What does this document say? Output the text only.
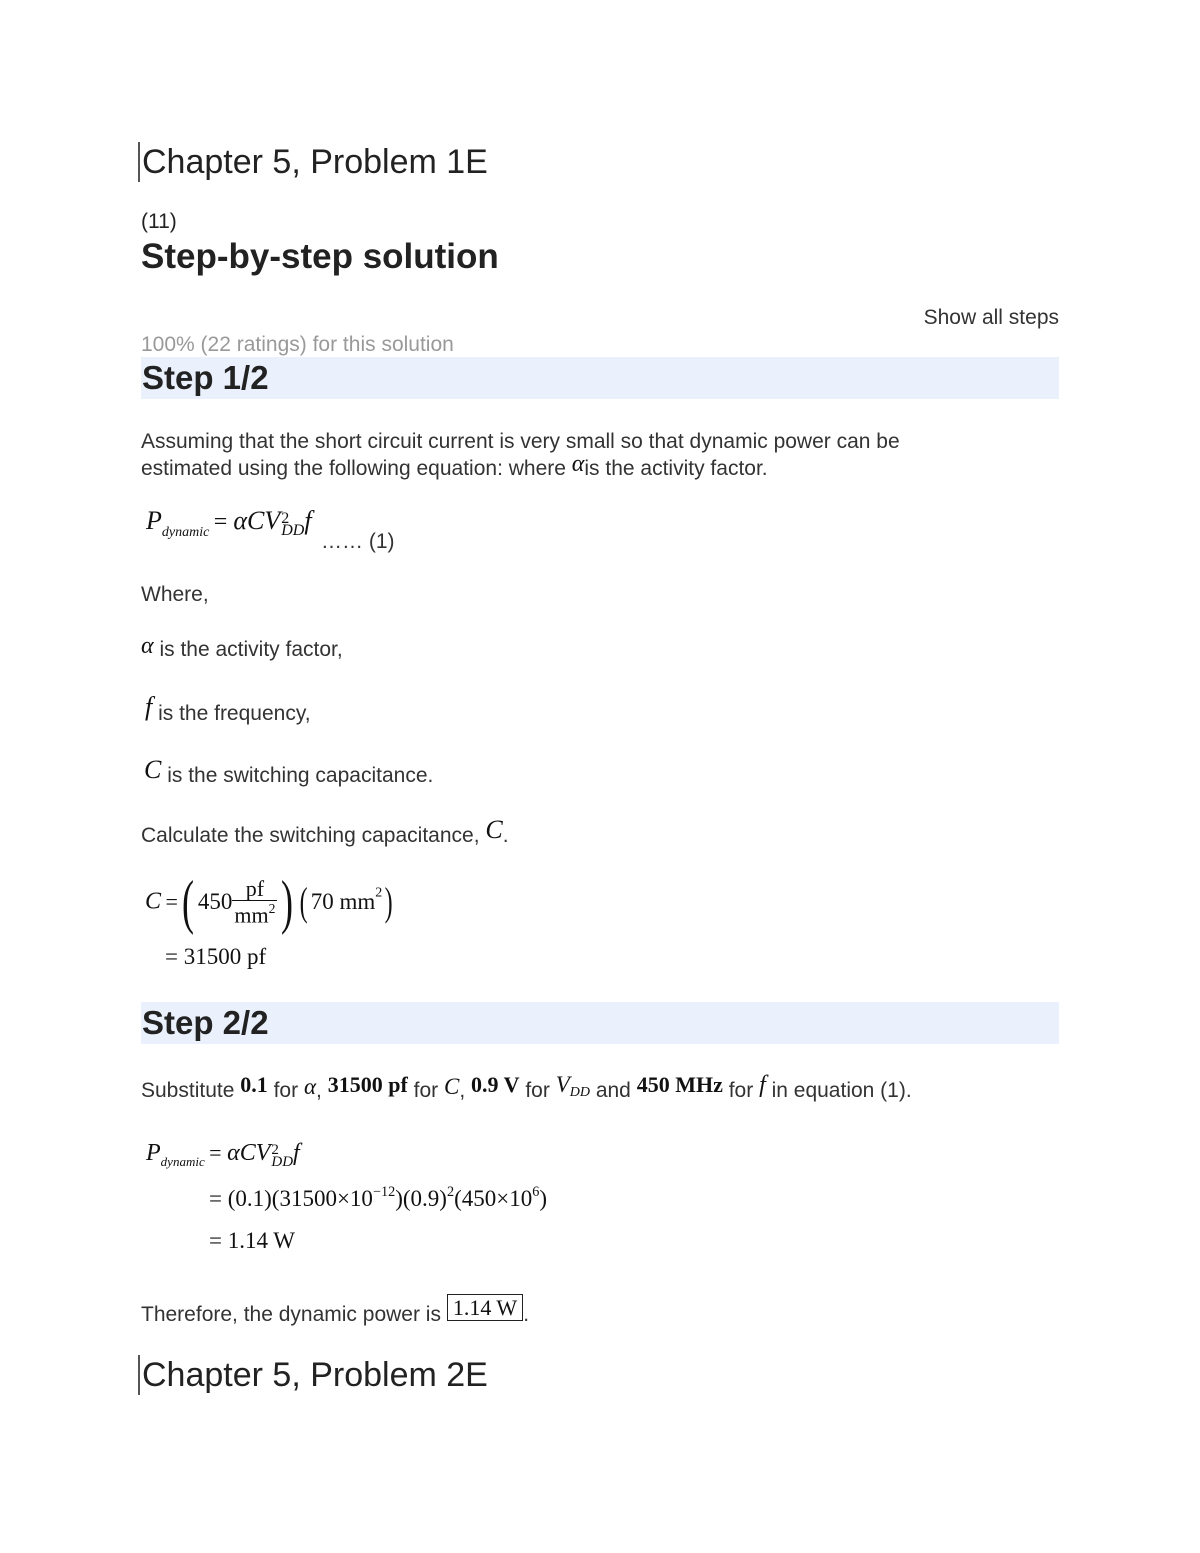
Chapter 5, Problem 1E
(11)
Step-by-step solution
Show all steps
100% (22 ratings) for this solution
Step 1/2
Assuming that the short circuit current is very small so that dynamic power can be
estimated using the following equation: where αis the activity factor.
Pdynamic = αCV 2
DD f
…… (1)
Where,
α is the activity factor,
f is the frequency,
C is the switching capacitance.
Calculate the switching capacitance, C.
C =( $450 \frac{pf}{mm^2}$ ) ( 70 mm2)
= 31500 pf
Step 2/2
Substitute 0.1 for α, 31500 pf for C, 0.9 V for VDD and 450 MHz for f in equation (1).
$P_{dynamic} = \alpha CV$ 2
DD f
= $(0.1)(31500\times 10^{-12})(0.9)^2(450\times 10^6)$
= 1.14 W
Therefore, the dynamic power is 1.14 W .
Chapter 5, Problem 2E
